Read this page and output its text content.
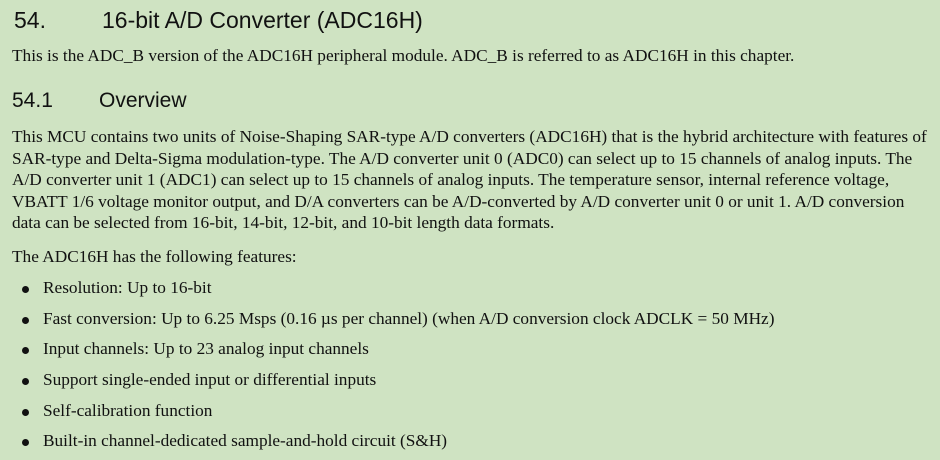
54. 16-bit A/D Converter (ADC16H)

This is the ADC_B version of the ADC16H peripheral module. ADC_B is referred to as ADC16H in this chapter.

54.1 Overview

This MCU contains two units of Noise-Shaping SAR-type A/D converters (ADC16H) that is the hybrid architecture with features of SAR-type and Delta-Sigma modulation-type. The A/D converter unit 0 (ADC0) can select up to 15 channels of analog inputs. The A/D converter unit 1 (ADC1) can select up to 15 channels of analog inputs. The temperature sensor, internal reference voltage, VBATT 1/6 voltage monitor output, and D/A converters can be A/D-converted by A/D converter unit 0 or unit 1. A/D conversion data can be selected from 16-bit, 14-bit, 12-bit, and 10-bit length data formats.

The ADC16H has the following features:

Resolution: Up to 16-bit
Fast conversion: Up to 6.25 Msps (0.16 µs per channel) (when A/D conversion clock ADCLK = 50 MHz)
Input channels: Up to 23 analog input channels
Support single-ended input or differential inputs
Self-calibration function
Built-in channel-dedicated sample-and-hold circuit (S&H)
